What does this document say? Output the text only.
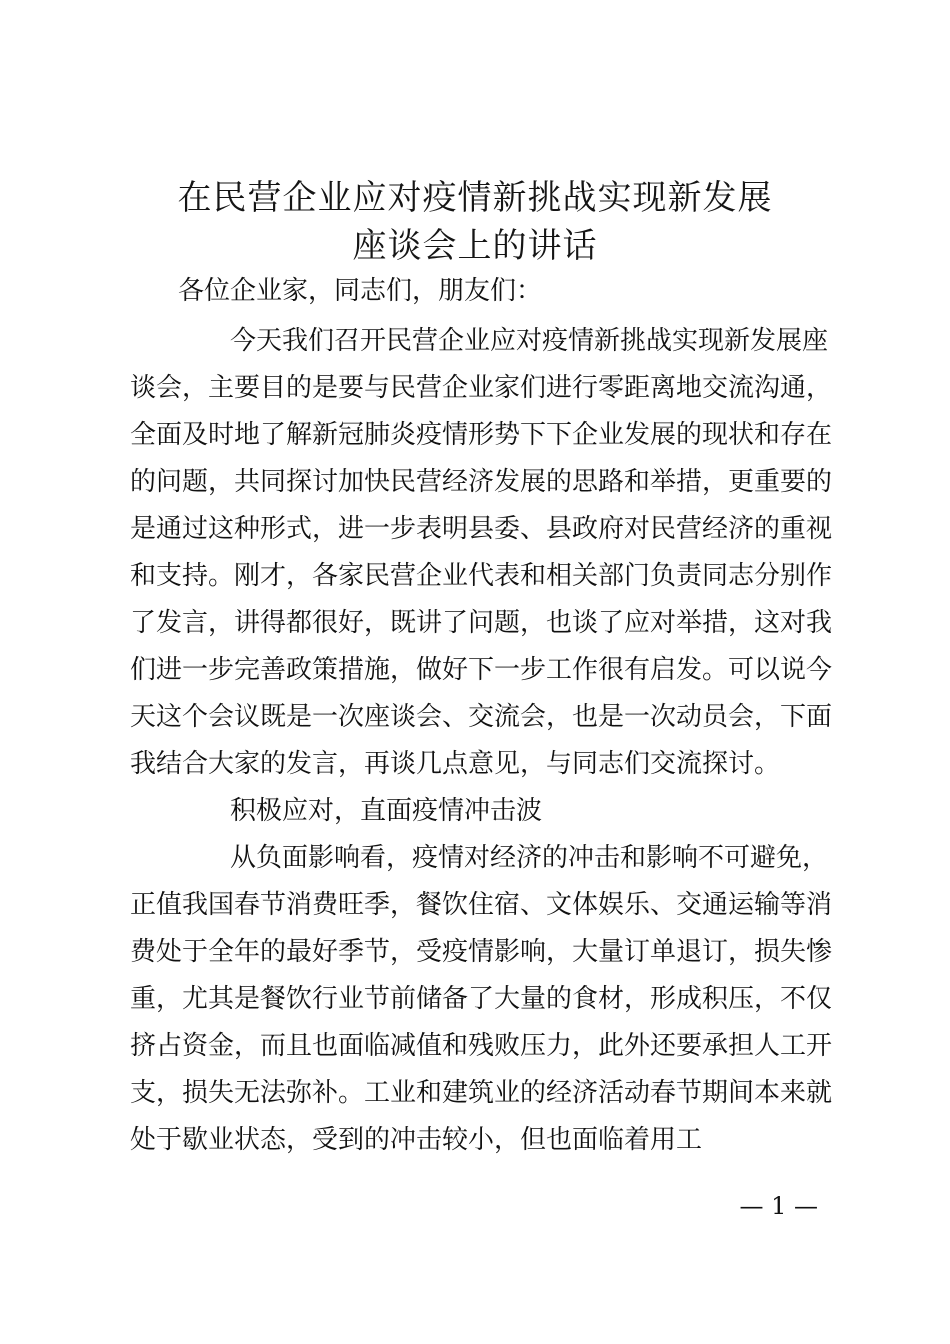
在民营企业应对疫情新挑战实现新发展
座谈会上的讲话
各位企业家，同志们，朋友们：
今天我们召开民营企业应对疫情新挑战实现新发展座
谈会，主要目的是要与民营企业家们进行零距离地交流沟通，
全面及时地了解新冠肺炎疫情形势下下企业发展的现状和存在
的问题，共同探讨加快民营经济发展的思路和举措，更重要的
是通过这种形式，进一步表明县委、县政府对民营经济的重视
和支持。刚才，各家民营企业代表和相关部门负责同志分别作
了发言，讲得都很好，既讲了问题，也谈了应对举措，这对我
们进一步完善政策措施，做好下一步工作很有启发。可以说今
天这个会议既是一次座谈会、交流会，也是一次动员会，下面
我结合大家的发言，再谈几点意见，与同志们交流探讨。
积极应对，直面疫情冲击波
从负面影响看，疫情对经济的冲击和影响不可避免，
正值我国春节消费旺季，餐饮住宿、文体娱乐、交通运输等消
费处于全年的最好季节，受疫情影响，大量订单退订，损失惨
重，尤其是餐饮行业节前储备了大量的食材，形成积压，不仅
挤占资金，而且也面临减值和残败压力，此外还要承担人工开
支，损失无法弥补。工业和建筑业的经济活动春节期间本来就
处于歇业状态，受到的冲击较小，但也面临着用工
— 1 —
